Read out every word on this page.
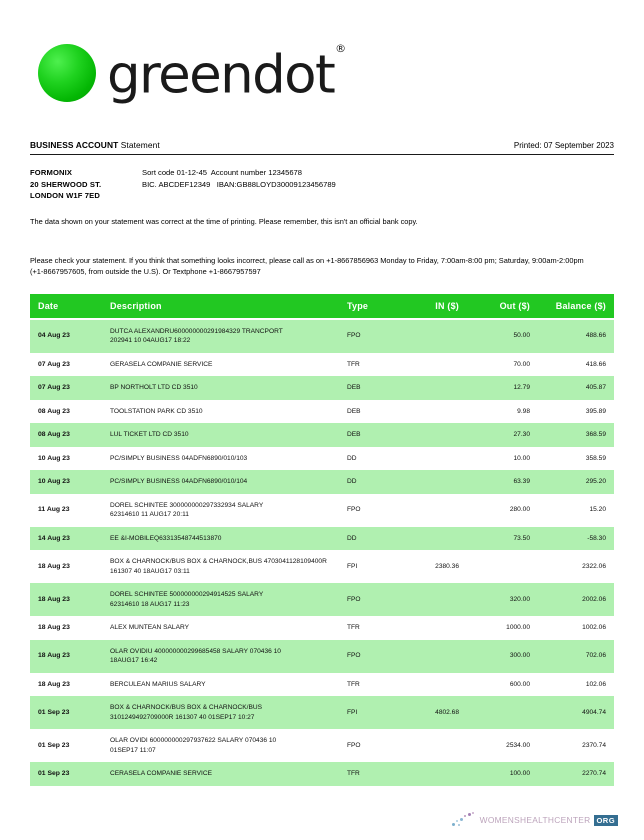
greendot®
BUSINESS ACCOUNT Statement	Printed: 07 September 2023
FORMONIX
20 SHERWOOD ST.
LONDON W1F 7ED
Sort code 01-12-45  Account number 12345678
BIC. ABCDEF12349   IBAN:GB88LOYD30009123456789
The data shown on your statement was correct at the time of printing. Please remember, this isn't an official bank copy.
Please check your statement. If you think that something looks incorrect, please call as on +1-8667856963 Monday to Friday, 7:00am-8:00 pm; Saturday, 9:00am-2:00pm (+1-8667957605, from outside the U.S). Or Textphone +1-8667957597
Date	Description	Type	IN ($)	Out ($)	Balance ($)
04 Aug 23	DUTCA ALEXANDRU600000000291984329 TRANCPORT
202941 10 04AUG17 18:22	FPO		50.00	488.66
07 Aug 23	GERASELA COMPANIE SERVICE	TFR		70.00	418.66
07 Aug 23	BP NORTHOLT LTD CD 3510	DEB		12.79	405.87
08 Aug 23	TOOLSTATION PARK CD 3510	DEB		9.98	395.89
08 Aug 23	LUL TICKET LTD CD 3510	DEB		27.30	368.59
10 Aug 23	PC/SIMPLY BUSINESS 04ADFN6890/010/103	DD		10.00	358.59
10 Aug 23	PC/SIMPLY BUSINESS 04ADFN6890/010/104	DD		63.39	295.20
11 Aug 23	DOREL SCHINTEE 300000000297332934 SALARY
62314610 11 AUG17 20:11	FPO		280.00	15.20
14 Aug 23	EE &I-MOBILEQ63313548744513870	DD		73.50	-58.30
18 Aug 23	BOX & CHARNOCK/BUS BOX & CHARNOCK,BUS 4703041128109400R
161307 40 18AUG17 03:11	FPI	2380.36		2322.06
18 Aug 23	DOREL SCHINTEE 500000000294914525 SALARY
62314610 18 AUG17 11:23	FPO		320.00	2002.06
18 Aug 23	ALEX MUNTEAN SALARY	TFR		1000.00	1002.06
18 Aug 23	OLAR OVIDIU 400000000299685458 SALARY 070436 10
18AUG17 16:42	FPO		300.00	702.06
18 Aug 23	BERCULEAN MARIUS SALARY	TFR		600.00	102.06
01 Sep 23	BOX & CHARNOCK/BUS BOX & CHARNOCK/BUS
3101249492709000R 161307 40 01SEP17 10:27	FPI	4802.68		4904.74
01 Sep 23	OLAR OVIDI 600000000297937622 SALARY 070436 10
01SEP17 11:07	FPO		2534.00	2370.74
01 Sep 23	CERASELA COMPANIE SERVICE	TFR		100.00	2270.74
WOMENSHEALTHCENTER ORG
